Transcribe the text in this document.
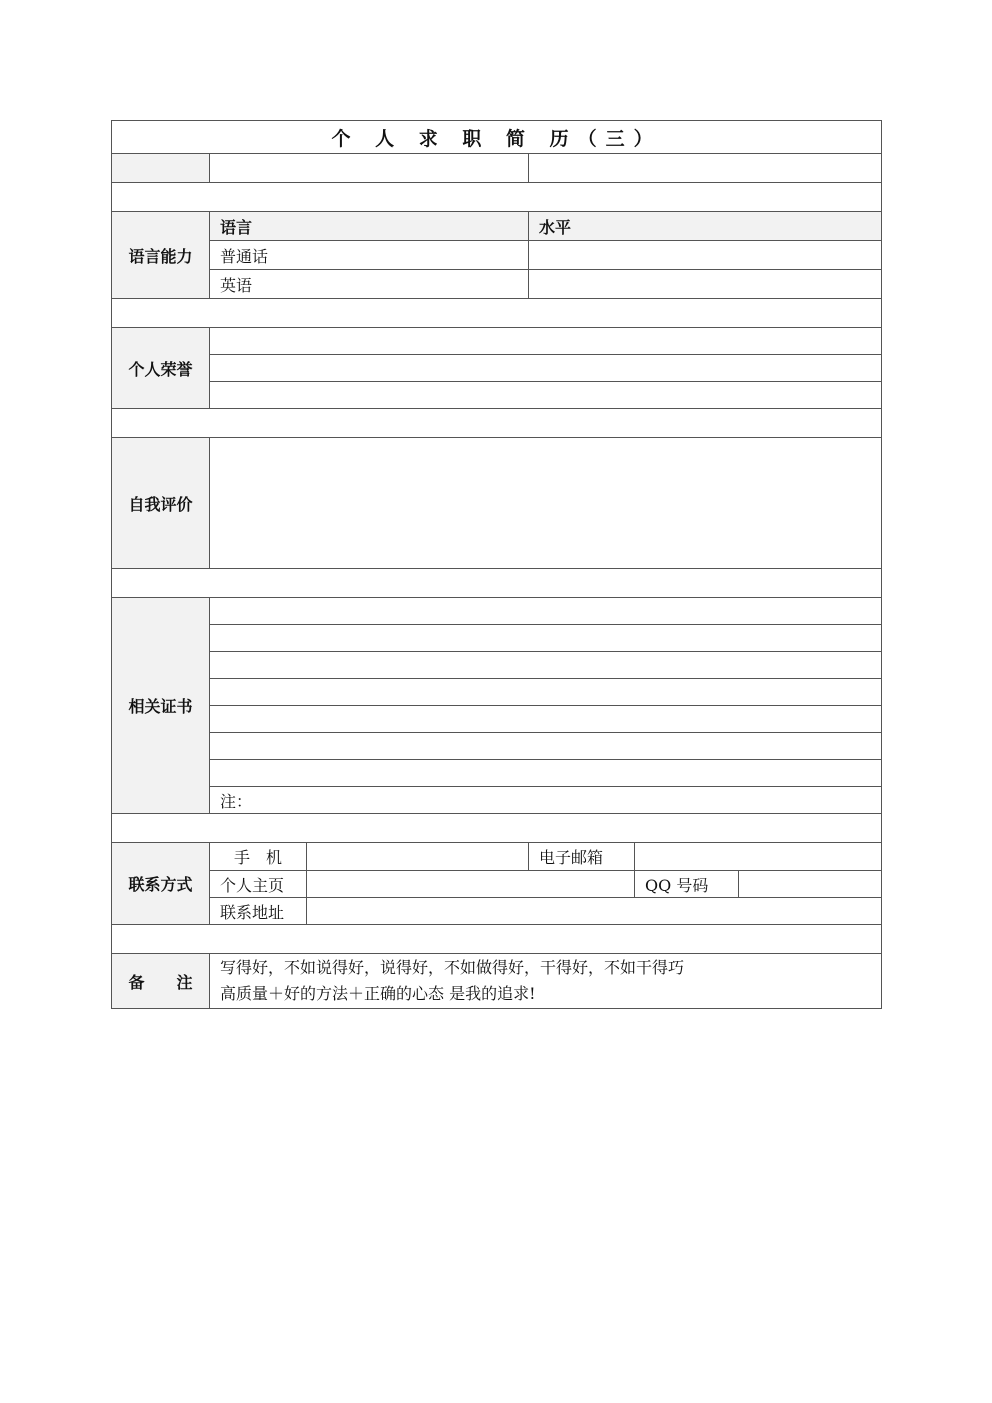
个 人 求 职 简 历（三）					

语言能力	语言		水平		
	普通话				
	英语				

个人荣誉					

自我评价					

相关证书					

	注：				

联系方式	手　机		电子邮箱		
	个人主页			QQ 号码	
	联系地址				

备　　注	写得好，不如说得好，说得好，不如做得好，干得好，不如干得巧
高质量＋好的方法＋正确的心态 是我的追求!				
